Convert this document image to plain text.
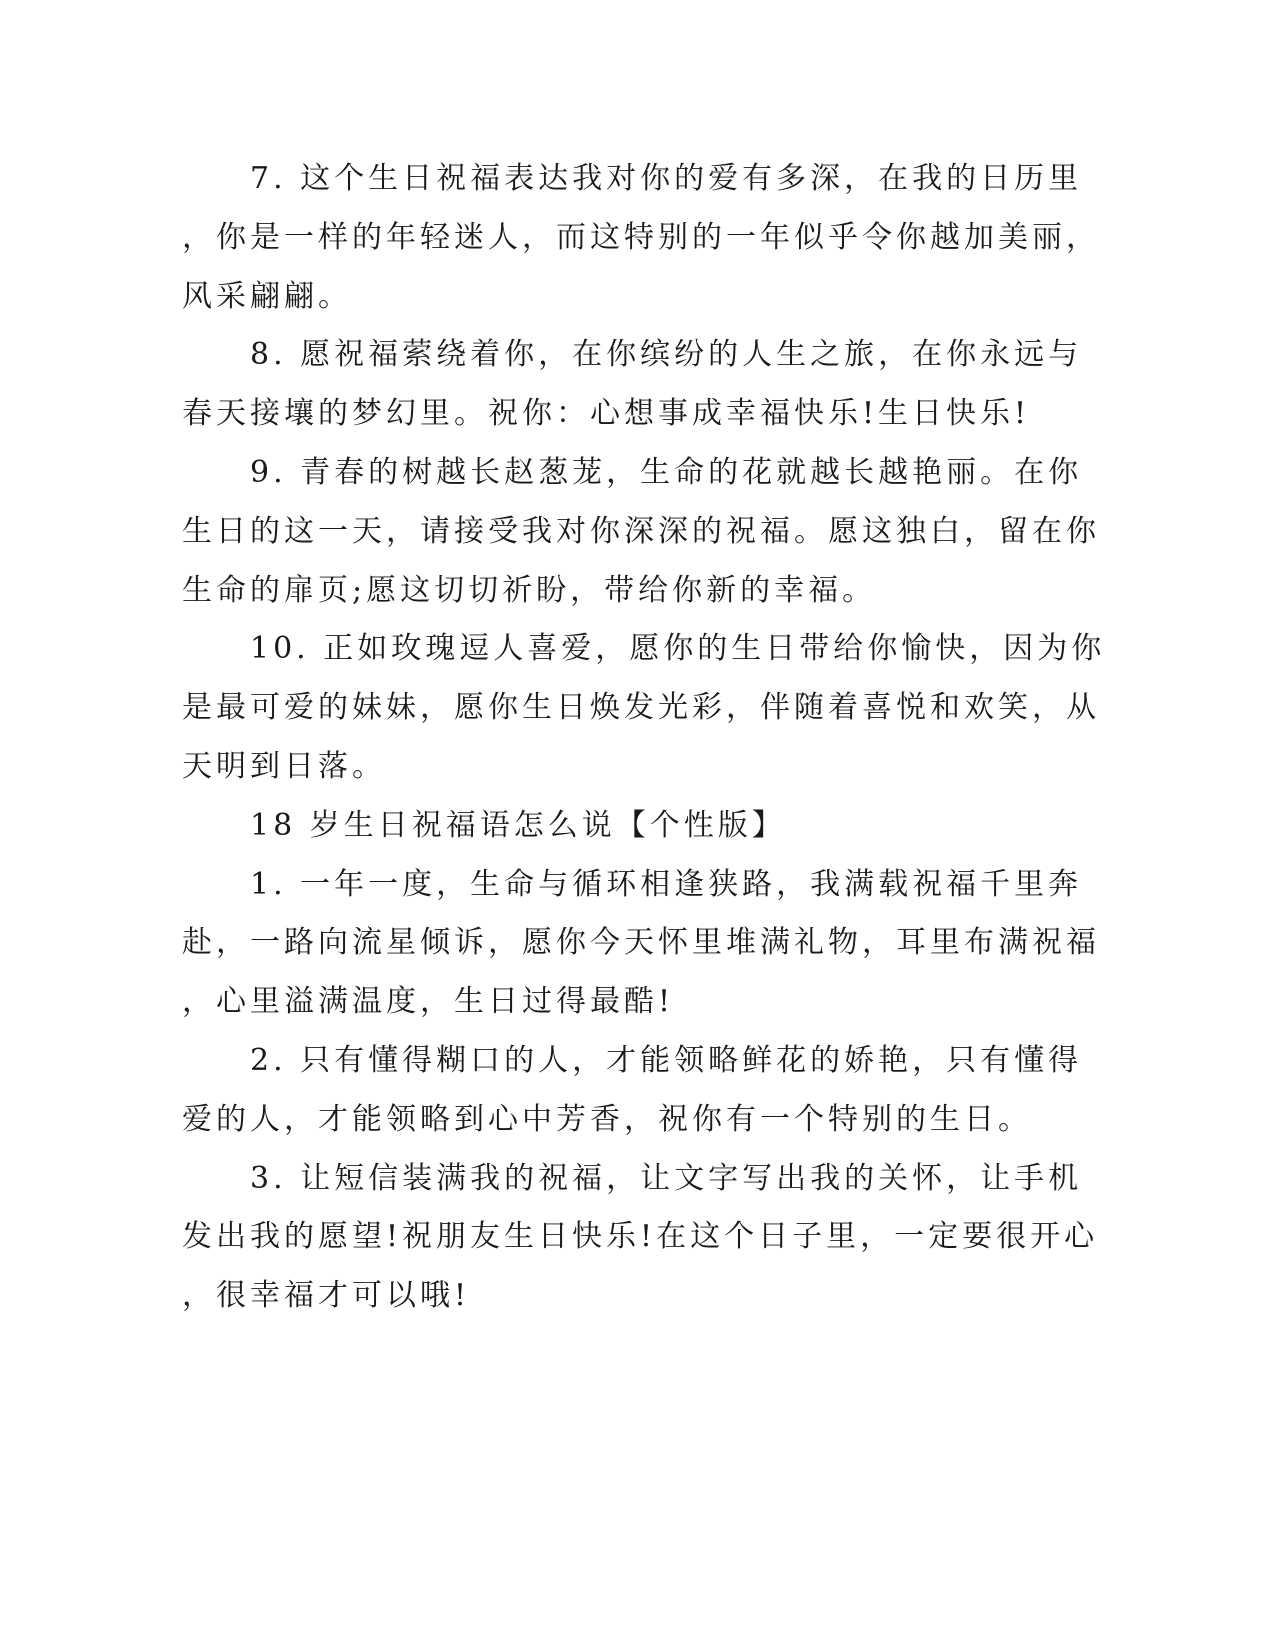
7. 这个生日祝福表达我对你的爱有多深，在我的日历里
，你是一样的年轻迷人，而这特别的一年似乎令你越加美丽，
风采翩翩。
8. 愿祝福萦绕着你，在你缤纷的人生之旅，在你永远与
春天接壤的梦幻里。祝你：心想事成幸福快乐!生日快乐!
9. 青春的树越长赵葱茏，生命的花就越长越艳丽。在你
生日的这一天，请接受我对你深深的祝福。愿这独白，留在你
生命的扉页;愿这切切祈盼，带给你新的幸福。
10. 正如玫瑰逗人喜爱，愿你的生日带给你愉快，因为你
是最可爱的妹妹，愿你生日焕发光彩，伴随着喜悦和欢笑，从
天明到日落。
18 岁生日祝福语怎么说【个性版】
1. 一年一度，生命与循环相逢狭路，我满载祝福千里奔
赴，一路向流星倾诉，愿你今天怀里堆满礼物，耳里布满祝福
，心里溢满温度，生日过得最酷!
2. 只有懂得糊口的人，才能领略鲜花的娇艳，只有懂得
爱的人，才能领略到心中芳香，祝你有一个特别的生日。
3. 让短信装满我的祝福，让文字写出我的关怀，让手机
发出我的愿望!祝朋友生日快乐!在这个日子里，一定要很开心
，很幸福才可以哦!
